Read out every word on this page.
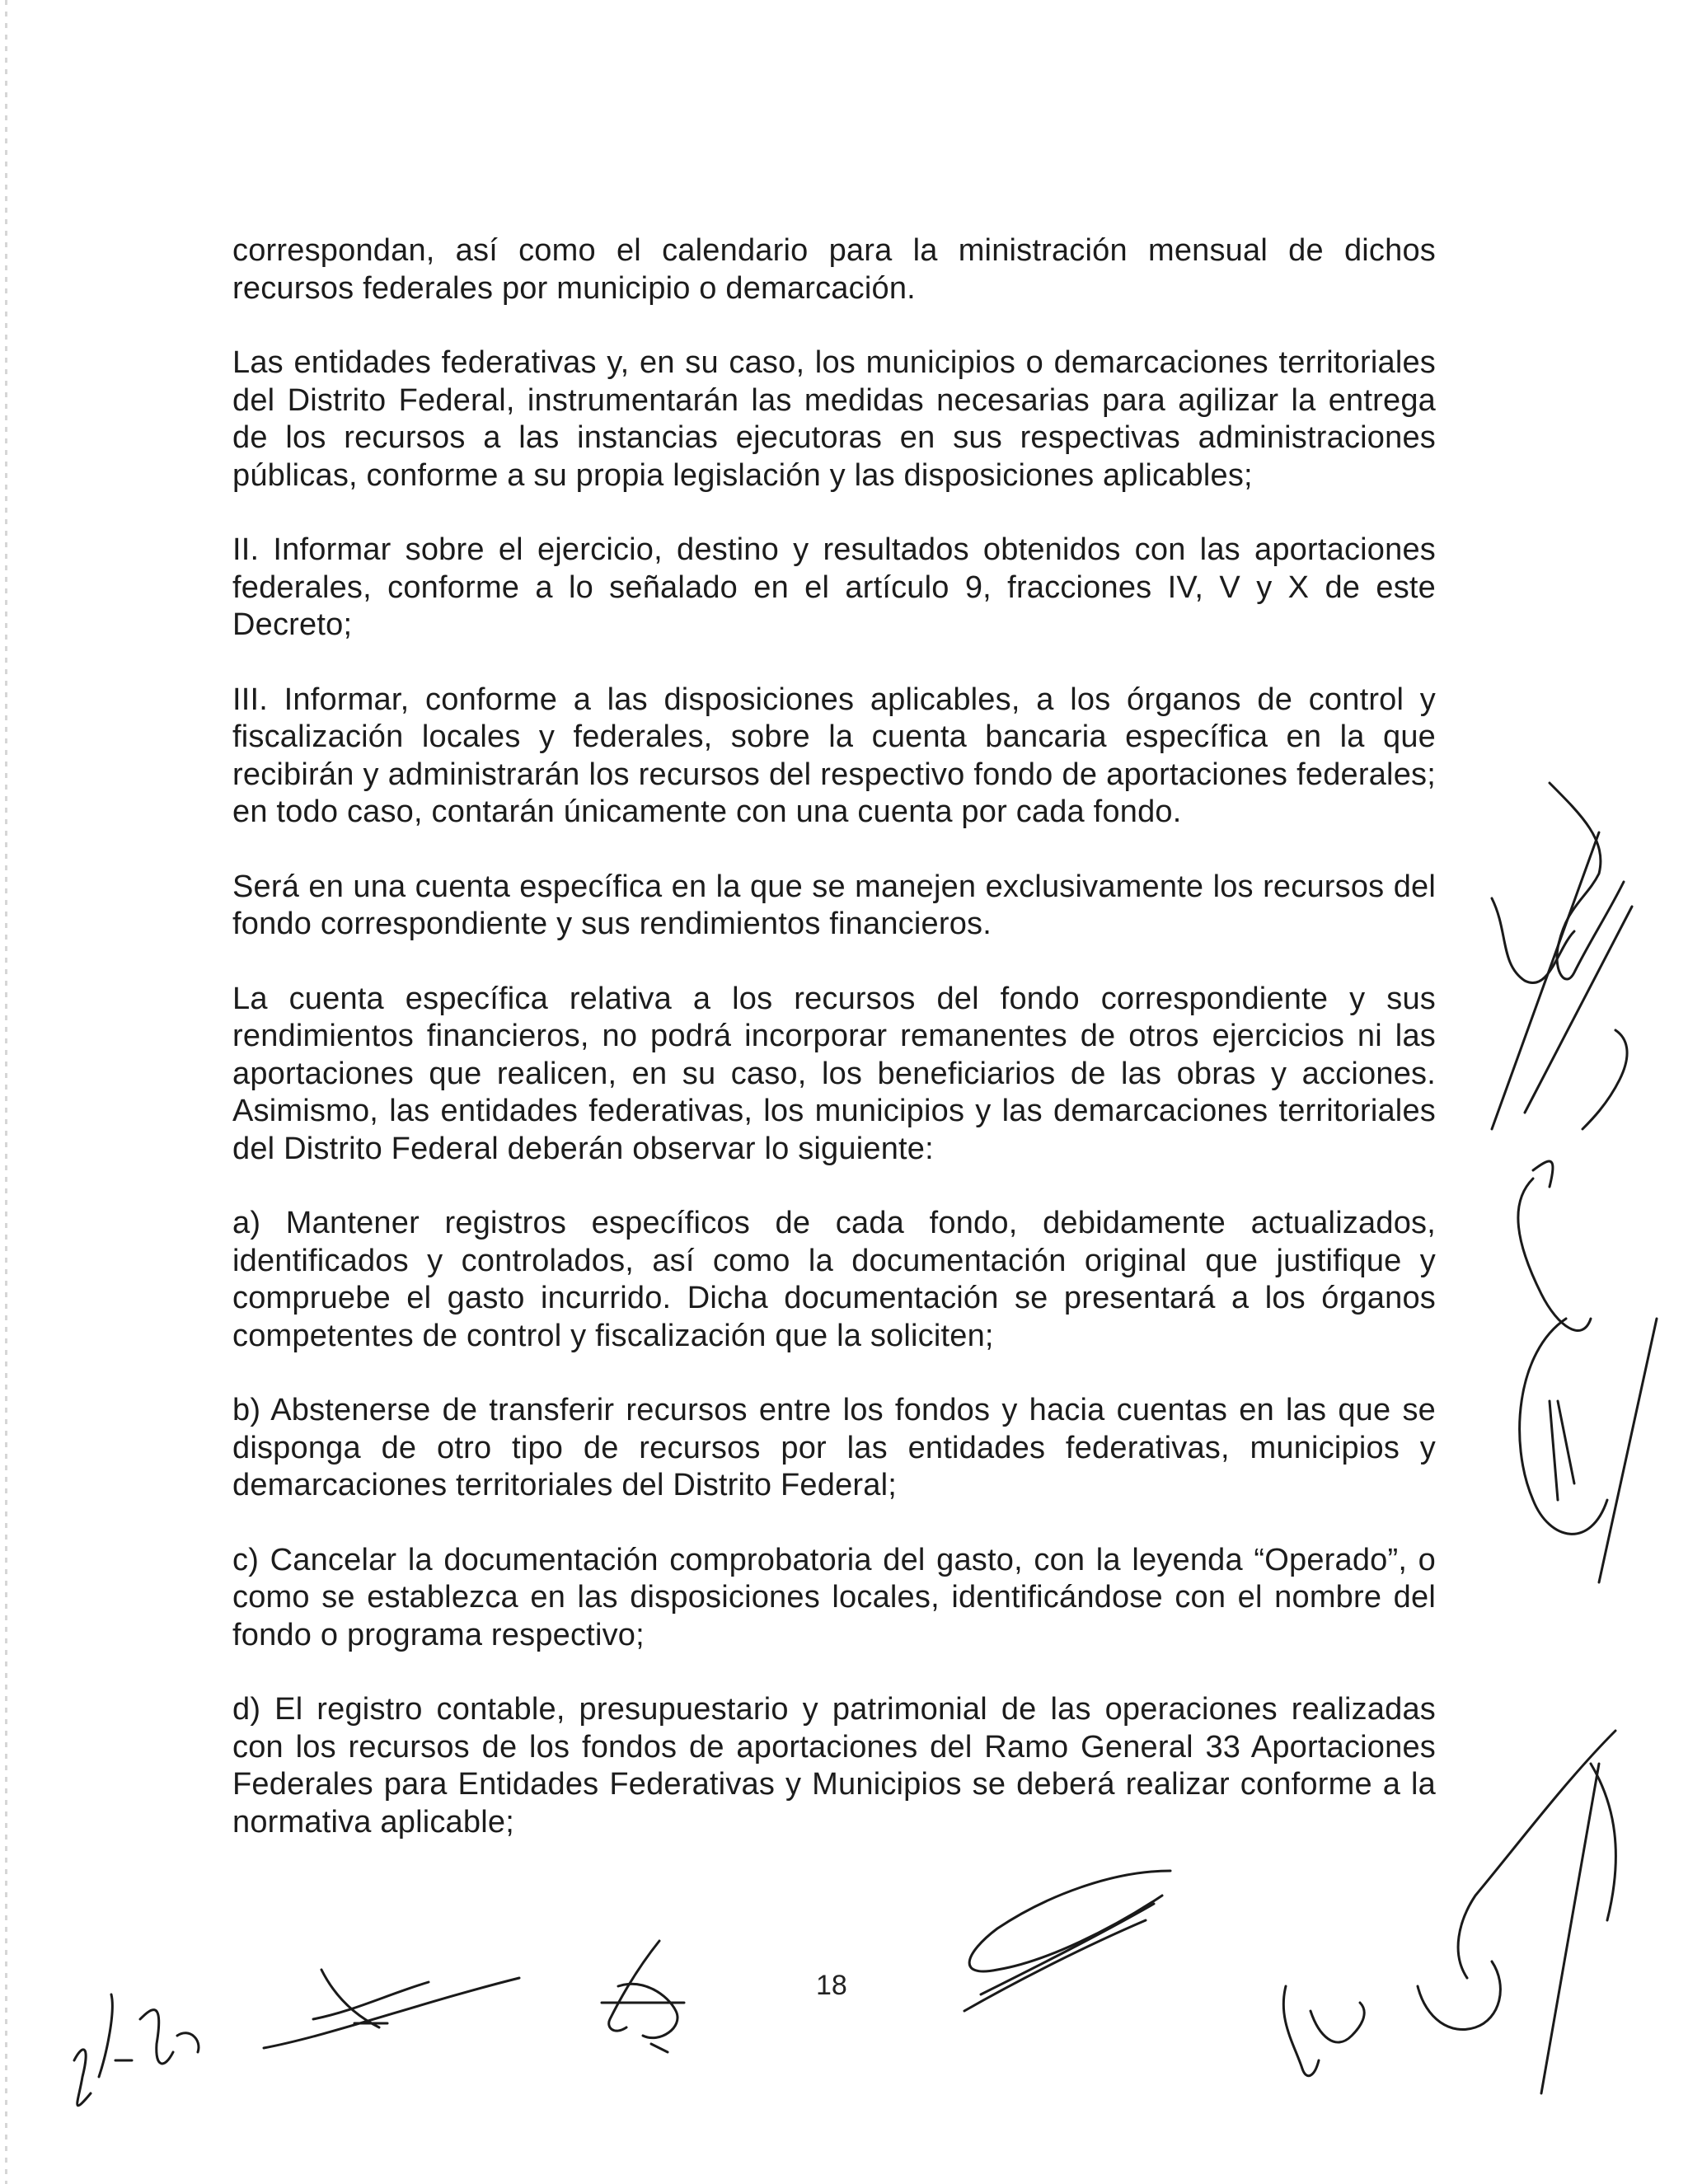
correspondan, así como el calendario para la ministración mensual de dichos recursos federales por municipio o demarcación.

Las entidades federativas y, en su caso, los municipios o demarcaciones territoriales del Distrito Federal, instrumentarán las medidas necesarias para agilizar la entrega de los recursos a las instancias ejecutoras en sus respectivas administraciones públicas, conforme a su propia legislación y las disposiciones aplicables;

II. Informar sobre el ejercicio, destino y resultados obtenidos con las aportaciones federales, conforme a lo señalado en el artículo 9, fracciones IV, V y X de este Decreto;

III. Informar, conforme a las disposiciones aplicables, a los órganos de control y fiscalización locales y federales, sobre la cuenta bancaria específica en la que recibirán y administrarán los recursos del respectivo fondo de aportaciones federales; en todo caso, contarán únicamente con una cuenta por cada fondo.

Será en una cuenta específica en la que se manejen exclusivamente los recursos del fondo correspondiente y sus rendimientos financieros.

La cuenta específica relativa a los recursos del fondo correspondiente y sus rendimientos financieros, no podrá incorporar remanentes de otros ejercicios ni las aportaciones que realicen, en su caso, los beneficiarios de las obras y acciones. Asimismo, las entidades federativas, los municipios y las demarcaciones territoriales del Distrito Federal deberán observar lo siguiente:

a) Mantener registros específicos de cada fondo, debidamente actualizados, identificados y controlados, así como la documentación original que justifique y compruebe el gasto incurrido. Dicha documentación se presentará a los órganos competentes de control y fiscalización que la soliciten;

b) Abstenerse de transferir recursos entre los fondos y hacia cuentas en las que se disponga de otro tipo de recursos por las entidades federativas, municipios y demarcaciones territoriales del Distrito Federal;

c) Cancelar la documentación comprobatoria del gasto, con la leyenda “Operado”, o como se establezca en las disposiciones locales, identificándose con el nombre del fondo o programa respectivo;

d) El registro contable, presupuestario y patrimonial de las operaciones realizadas con los recursos de los fondos de aportaciones del Ramo General 33 Aportaciones Federales para Entidades Federativas y Municipios se deberá realizar conforme a la normativa aplicable;

18
